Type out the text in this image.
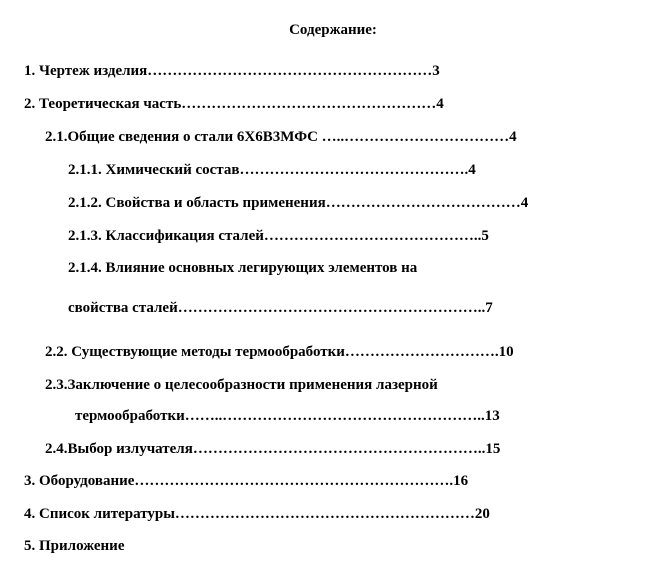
Содержание:
1. Чертеж изделия…………………………………………………3
2. Теоретическая часть……………………………………………4
2.1.Общие сведения о стали 6Х6В3МФС …..……………………………4
2.1.1. Химический состав……………………………………….4
2.1.2. Свойства и область применения…………………………………4
2.1.3. Классификация сталей……………………………………..5
2.1.4. Влияние основных легирующих элементов на
свойства сталей……………………………………………………..7
2.2. Существующие методы термообработки………………………….10
2.3.Заключение о целесообразности применения лазерной
термообработки……..……………………………………………..13
2.4.Выбор излучателя…………………………………………………..15
3. Оборудование……………………………………………………….16
4. Список литературы……………………………………………………20
5. Приложение
